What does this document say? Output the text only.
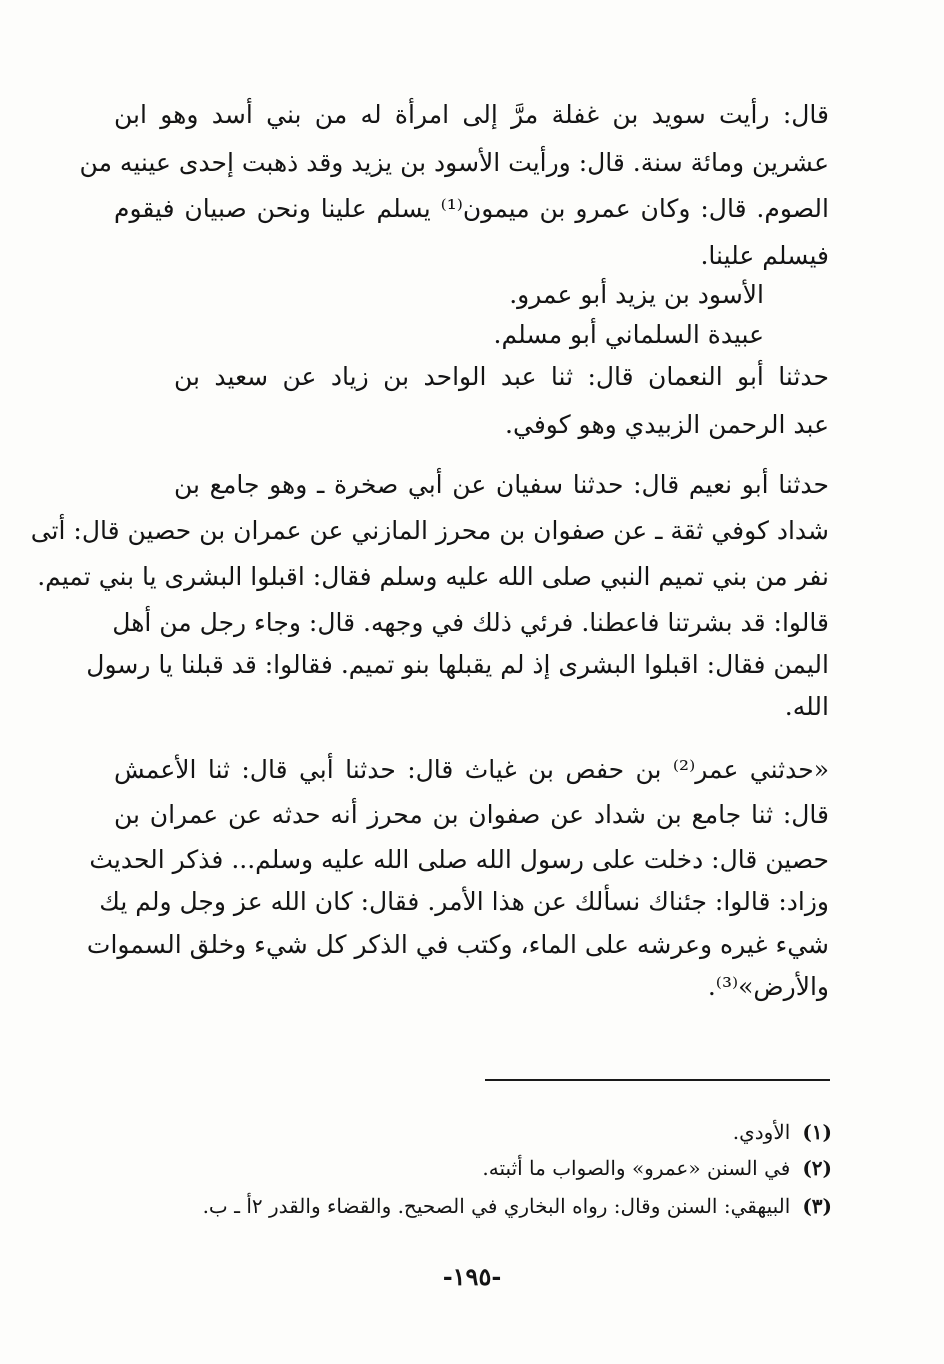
قال: رأيت سويد بن غفلة مرَّ إلى امرأة له من بني أسد وهو ابن
عشرين ومائة سنة. قال: ورأيت الأسود بن يزيد وقد ذهبت إحدى عينيه من
الصوم. قال: وكان عمرو بن ميمون⁽¹⁾ يسلم علينا ونحن صبيان فيقوم
فيسلم علينا.
الأسود بن يزيد أبو عمرو.
عبيدة السلماني أبو مسلم.
حدثنا أبو النعمان قال: ثنا عبد الواحد بن زياد عن سعيد بن
عبد الرحمن الزبيدي وهو كوفي.
حدثنا أبو نعيم قال: حدثنا سفيان عن أبي صخرة ـ وهو جامع بن
شداد كوفي ثقة ـ عن صفوان بن محرز المازني عن عمران بن حصين قال: أتى
نفر من بني تميم النبي صلى الله عليه وسلم فقال: اقبلوا البشرى يا بني تميم.
قالوا: قد بشرتنا فاعطنا. فرئي ذلك في وجهه. قال: وجاء رجل من أهل
اليمن فقال: اقبلوا البشرى إذ لم يقبلها بنو تميم. فقالوا: قد قبلنا يا رسول
الله.
«حدثني عمر⁽²⁾ بن حفص بن غياث قال: حدثنا أبي قال: ثنا الأعمش
قال: ثنا جامع بن شداد عن صفوان بن محرز أنه حدثه عن عمران بن
حصين قال: دخلت على رسول الله صلى الله عليه وسلم... فذكر الحديث
وزاد: قالوا: جئناك نسألك عن هذا الأمر. فقال: كان الله عز وجل ولم يك
شيء غيره وعرشه على الماء، وكتب في الذكر كل شيء وخلق السموات
والأرض»⁽³⁾.
(١)الأودي.
(٢)في السنن «عمرو» والصواب ما أثبته.
(٣)البيهقي: السنن وقال: رواه البخاري في الصحيح. والقضاء والقدر ٢أ ـ ب.
-١٩٥-
